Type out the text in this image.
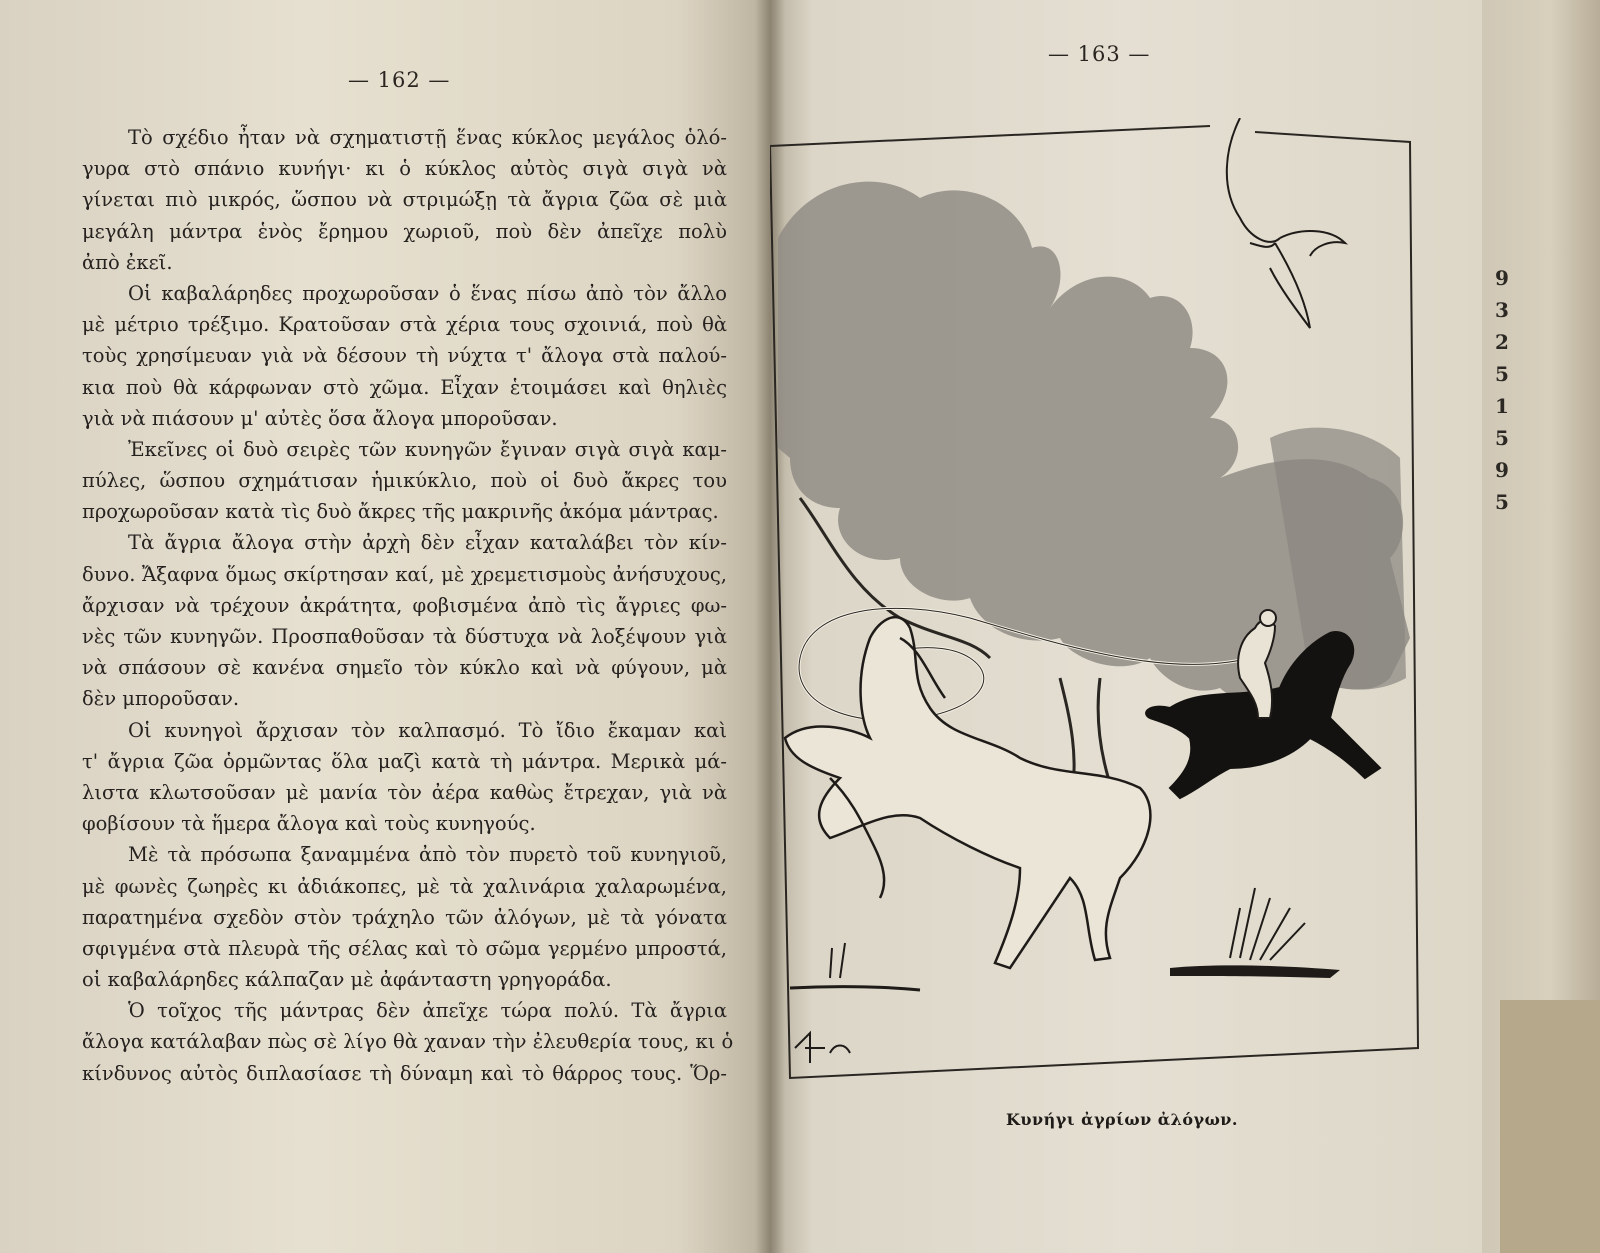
— 162 —
Τὸ σχέδιο ἦταν νὰ σχηματιστῇ ἕνας κύκλος μεγάλος ὁλό-
γυρα στὸ σπάνιο κυνήγι· κι ὁ κύκλος αὐτὸς σιγὰ σιγὰ νὰ
γίνεται πιὸ μικρός, ὥσπου νὰ στριμώξῃ τὰ ἄγρια ζῶα σὲ μιὰ
μεγάλη μάντρα ἑνὸς ἔρημου χωριοῦ, ποὺ δὲν ἀπεῖχε πολὺ
ἀπὸ ἐκεῖ.
Οἱ καβαλάρηδες προχωροῦσαν ὁ ἕνας πίσω ἀπὸ τὸν ἄλλο
μὲ μέτριο τρέξιμο. Κρατοῦσαν στὰ χέρια τους σχοινιά, ποὺ θὰ
τοὺς χρησίμευαν γιὰ νὰ δέσουν τὴ νύχτα τ' ἄλογα στὰ παλού-
κια ποὺ θὰ κάρφωναν στὸ χῶμα. Εἶχαν ἑτοιμάσει καὶ θηλιὲς
γιὰ νὰ πιάσουν μ' αὐτὲς ὅσα ἄλογα μποροῦσαν.
Ἐκεῖνες οἱ δυὸ σειρὲς τῶν κυνηγῶν ἔγιναν σιγὰ σιγὰ καμ-
πύλες, ὥσπου σχημάτισαν ἡμικύκλιο, ποὺ οἱ δυὸ ἄκρες του
προχωροῦσαν κατὰ τὶς δυὸ ἄκρες τῆς μακρινῆς ἀκόμα μάντρας.
Τὰ ἄγρια ἄλογα στὴν ἀρχὴ δὲν εἶχαν καταλάβει τὸν κίν-
δυνο. Ἄξαφνα ὅμως σκίρτησαν καί, μὲ χρεμετισμοὺς ἀνήσυχους,
ἄρχισαν νὰ τρέχουν ἀκράτητα, φοβισμένα ἀπὸ τὶς ἄγριες φω-
νὲς τῶν κυνηγῶν. Προσπαθοῦσαν τὰ δύστυχα νὰ λοξέψουν γιὰ
νὰ σπάσουν σὲ κανένα σημεῖο τὸν κύκλο καὶ νὰ φύγουν, μὰ
δὲν μποροῦσαν.
Οἱ κυνηγοὶ ἄρχισαν τὸν καλπασμό. Τὸ ἴδιο ἔκαμαν καὶ
τ' ἄγρια ζῶα ὁρμῶντας ὅλα μαζὶ κατὰ τὴ μάντρα. Μερικὰ μά-
λιστα κλωτσοῦσαν μὲ μανία τὸν ἀέρα καθὼς ἔτρεχαν, γιὰ νὰ
φοβίσουν τὰ ἥμερα ἄλογα καὶ τοὺς κυνηγούς.
Μὲ τὰ πρόσωπα ξαναμμένα ἀπὸ τὸν πυρετὸ τοῦ κυνηγιοῦ,
μὲ φωνὲς ζωηρὲς κι ἀδιάκοπες, μὲ τὰ χαλινάρια χαλαρωμένα,
παρατημένα σχεδὸν στὸν τράχηλο τῶν ἀλόγων, μὲ τὰ γόνατα
σφιγμένα στὰ πλευρὰ τῆς σέλας καὶ τὸ σῶμα γερμένο μπροστά,
οἱ καβαλάρηδες κάλπαζαν μὲ ἀφάνταστη γρηγοράδα.
Ὁ τοῖχος τῆς μάντρας δὲν ἀπεῖχε τώρα πολύ. Τὰ ἄγρια
ἄλογα κατάλαβαν πὼς σὲ λίγο θὰ χαναν τὴν ἐλευθερία τους, κι ὁ
κίνδυνος αὐτὸς διπλασίασε τὴ δύναμη καὶ τὸ θάρρος τους. Ὅρ-
— 163 —
9
3
2
5
1
5
9
5
Κυνήγι ἀγρίων ἀλόγων.
